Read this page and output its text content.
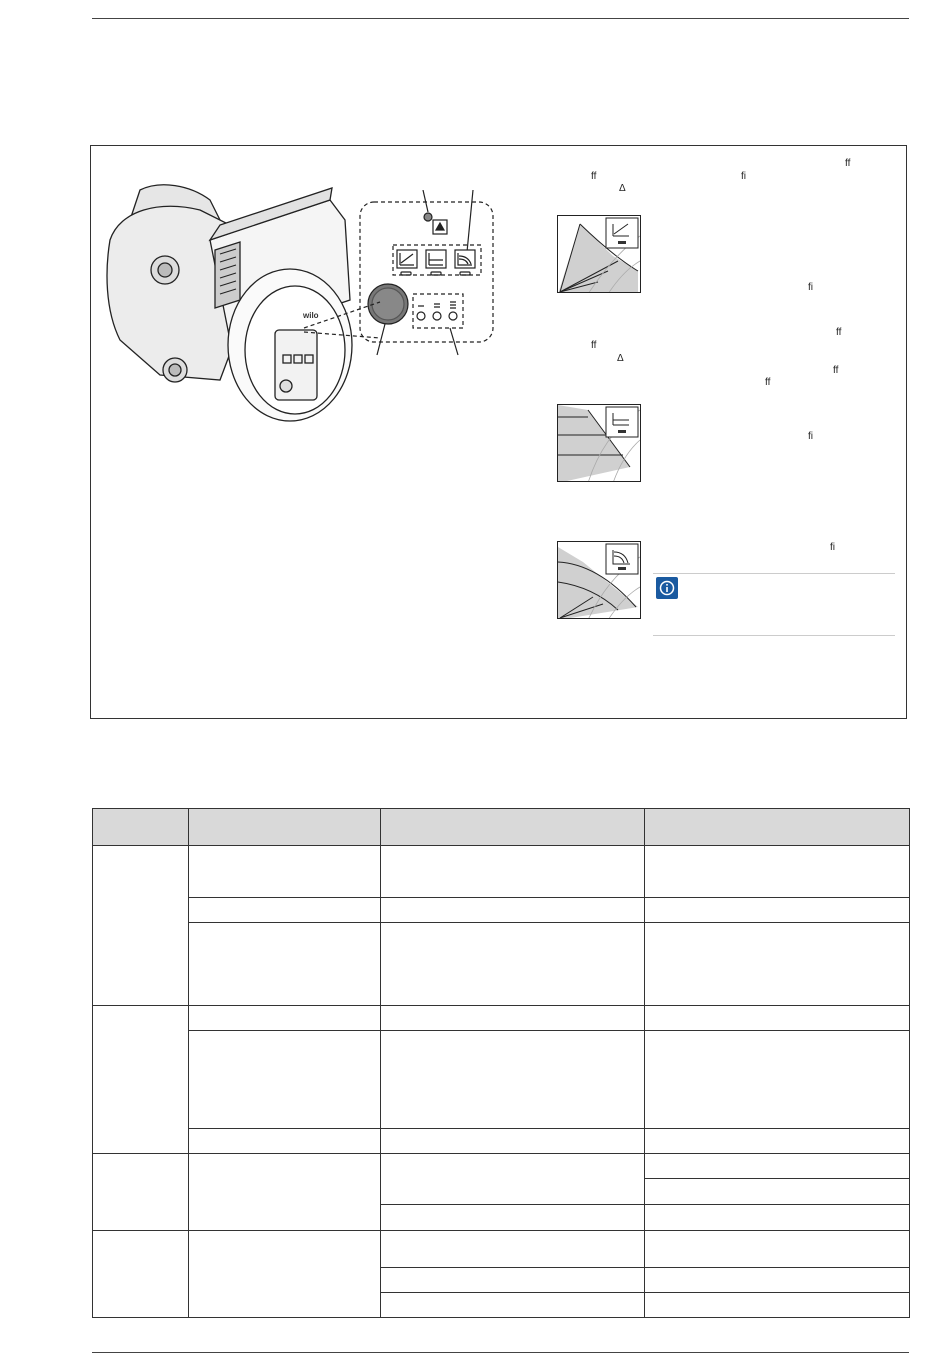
wilo
ff
ff	ﬁ
Δ
ﬁ
ff
ff
Δ
ff
ff
ﬁ
ﬁ
